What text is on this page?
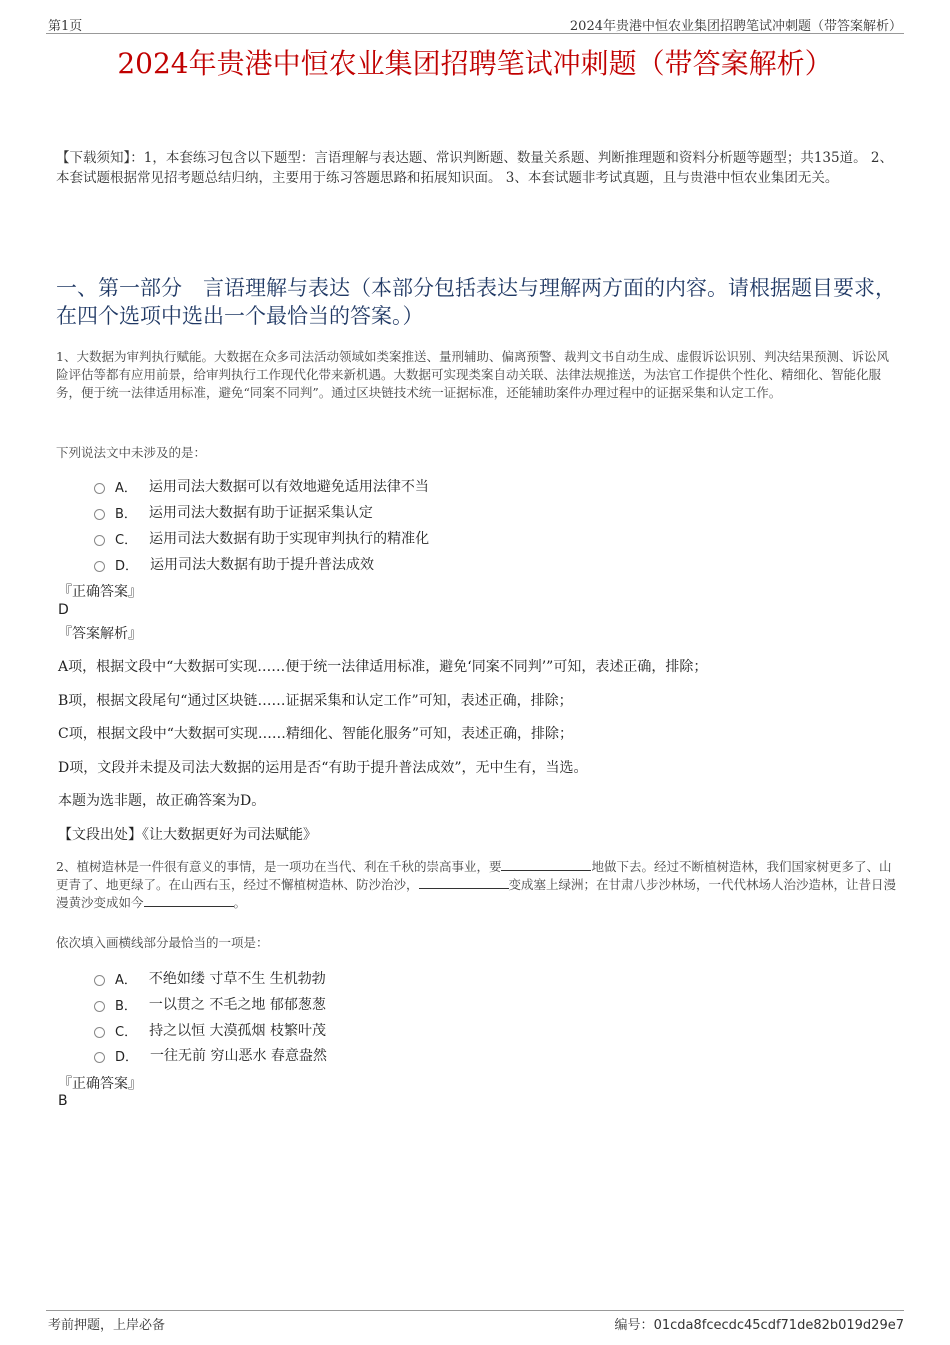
第1页	2024年贵港中恒农业集团招聘笔试冲刺题（带答案解析）
2024年贵港中恒农业集团招聘笔试冲刺题（带答案解析）
【下载须知】：1，本套练习包含以下题型：言语理解与表达题、常识判断题、数量关系题、判断推理题和资料分析题等题型；共135道。 2、本套试题根据常见招考题总结归纳，主要用于练习答题思路和拓展知识面。 3、本套试题非考试真题，且与贵港中恒农业集团无关。
一、第一部分　言语理解与表达（本部分包括表达与理解两方面的内容。请根据题目要求，在四个选项中选出一个最恰当的答案。）
1、大数据为审判执行赋能。大数据在众多司法活动领域如类案推送、量刑辅助、偏离预警、裁判文书自动生成、虚假诉讼识别、判决结果预测、诉讼风险评估等都有应用前景，给审判执行工作现代化带来新机遇。大数据可实现类案自动关联、法律法规推送，为法官工作提供个性化、精细化、智能化服务，便于统一法律适用标准，避免“同案不同判”。通过区块链技术统一证据标准，还能辅助案件办理过程中的证据采集和认定工作。
下列说法文中未涉及的是：
A． 运用司法大数据可以有效地避免适用法律不当
B． 运用司法大数据有助于证据采集认定
C． 运用司法大数据有助于实现审判执行的精准化
D． 运用司法大数据有助于提升普法成效
『正确答案』
D
『答案解析』
A项，根据文段中“大数据可实现……便于统一法律适用标准，避免‘同案不同判’”可知，表述正确，排除；
B项，根据文段尾句“通过区块链……证据采集和认定工作”可知，表述正确，排除；
C项，根据文段中“大数据可实现……精细化、智能化服务”可知，表述正确，排除；
D项，文段并未提及司法大数据的运用是否“有助于提升普法成效”，无中生有，当选。
本题为选非题，故正确答案为D。
【文段出处】《让大数据更好为司法赋能》
2、植树造林是一件很有意义的事情，是一项功在当代、利在千秋的崇高事业，要	地做下去。经过不断植树造林，我们国家树更多了、山更青了、地更绿了。在山西右玉，经过不懈植树造林、防沙治沙，	变成塞上绿洲；在甘肃八步沙林场，一代代林场人治沙造林，让昔日漫漫黄沙变成如今	。
依次填入画横线部分最恰当的一项是：
A． 不绝如缕 寸草不生 生机勃勃
B． 一以贯之 不毛之地 郁郁葱葱
C． 持之以恒 大漠孤烟 枝繁叶茂
D． 一往无前 穷山恶水 春意盎然
『正确答案』
B
考前押题，上岸必备	编号：01cda8fcecdc45cdf71de82b019d29e7
